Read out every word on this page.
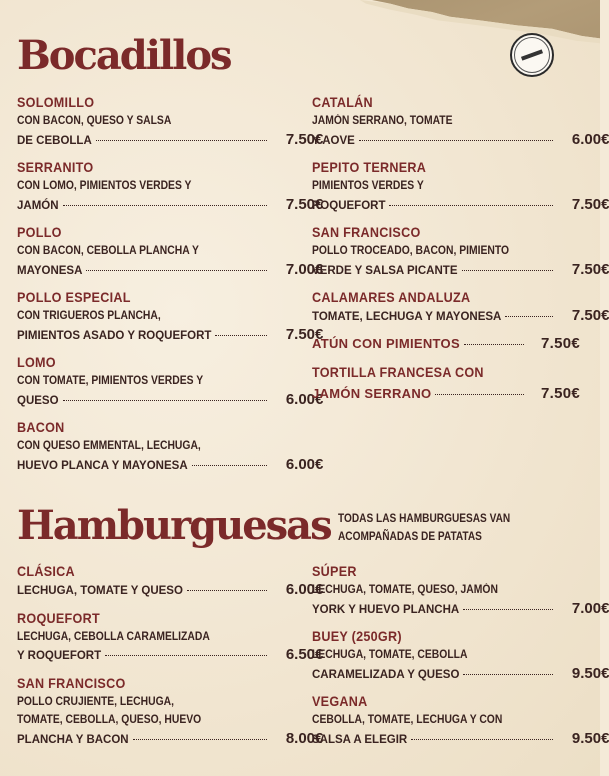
Bocadillos
SOLOMILLO
CON BACON, QUESO Y SALSA
DE CEBOLLA	7.50€
SERRANITO
CON LOMO, PIMIENTOS VERDES Y
JAMÓN	7.50€
POLLO
CON BACON, CEBOLLA PLANCHA Y
MAYONESA	7.00€
POLLO ESPECIAL
CON TRIGUEROS PLANCHA,
PIMIENTOS ASADO Y ROQUEFORT	7.50€
LOMO
CON TOMATE, PIMIENTOS VERDES Y
QUESO	6.00€
BACON
CON QUESO EMMENTAL, LECHUGA,
HUEVO PLANCA Y MAYONESA	6.00€
CATALÁN
JAMÓN SERRANO, TOMATE
Y AOVE	6.00€
PEPITO TERNERA
PIMIENTOS VERDES Y
ROQUEFORT	7.50€
SAN FRANCISCO
POLLO TROCEADO, BACON, PIMIENTO
VERDE Y SALSA PICANTE	7.50€
CALAMARES ANDALUZA
TOMATE, LECHUGA Y MAYONESA	7.50€
ATÚN CON PIMIENTOS	7.50€
TORTILLA FRANCESA CON
JAMÓN SERRANO	7.50€
Hamburguesas TODAS LAS HAMBURGUESAS VAN
ACOMPAÑADAS DE PATATAS
CLÁSICA
LECHUGA, TOMATE Y QUESO	6.00€
ROQUEFORT
LECHUGA, CEBOLLA CARAMELIZADA
Y ROQUEFORT	6.50€
SAN FRANCISCO
POLLO CRUJIENTE, LECHUGA,
TOMATE, CEBOLLA, QUESO, HUEVO
PLANCHA Y BACON	8.00€
SÚPER
LECHUGA, TOMATE, QUESO, JAMÓN
YORK Y HUEVO PLANCHA	7.00€
BUEY (250GR)
LECHUGA, TOMATE, CEBOLLA
CARAMELIZADA Y QUESO	9.50€
VEGANA
CEBOLLA, TOMATE, LECHUGA Y CON
SALSA A ELEGIR	9.50€
